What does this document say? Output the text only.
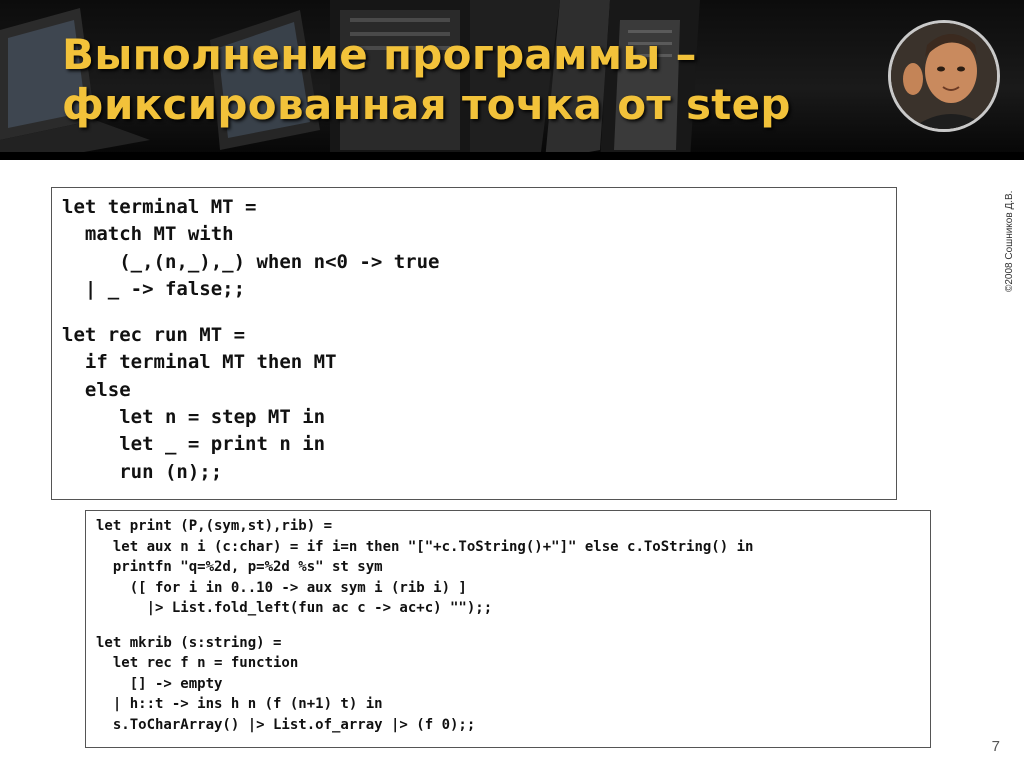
Выполнение программы –
фиксированная точка от step
©2008 Сошников Д.В.
let terminal MT =
match MT with
(_,(n,_),_) when n<0 -> true
| _ -> false;;
let rec run MT =
if terminal MT then MT
else
let n = step MT in
let _ = print n in
run (n);;
let print (P,(sym,st),rib) =
let aux n i (c:char) = if i=n then "["+c.ToString()+"]" else c.ToString() in
printfn "q=%2d, p=%2d %s" st sym
([ for i in 0..10 -> aux sym i (rib i) ]
|> List.fold_left(fun ac c -> ac+c) "");;
let mkrib (s:string) =
let rec f n = function
[] -> empty
| h::t -> ins h n (f (n+1) t) in
s.ToCharArray() |> List.of_array |> (f 0);;
7
